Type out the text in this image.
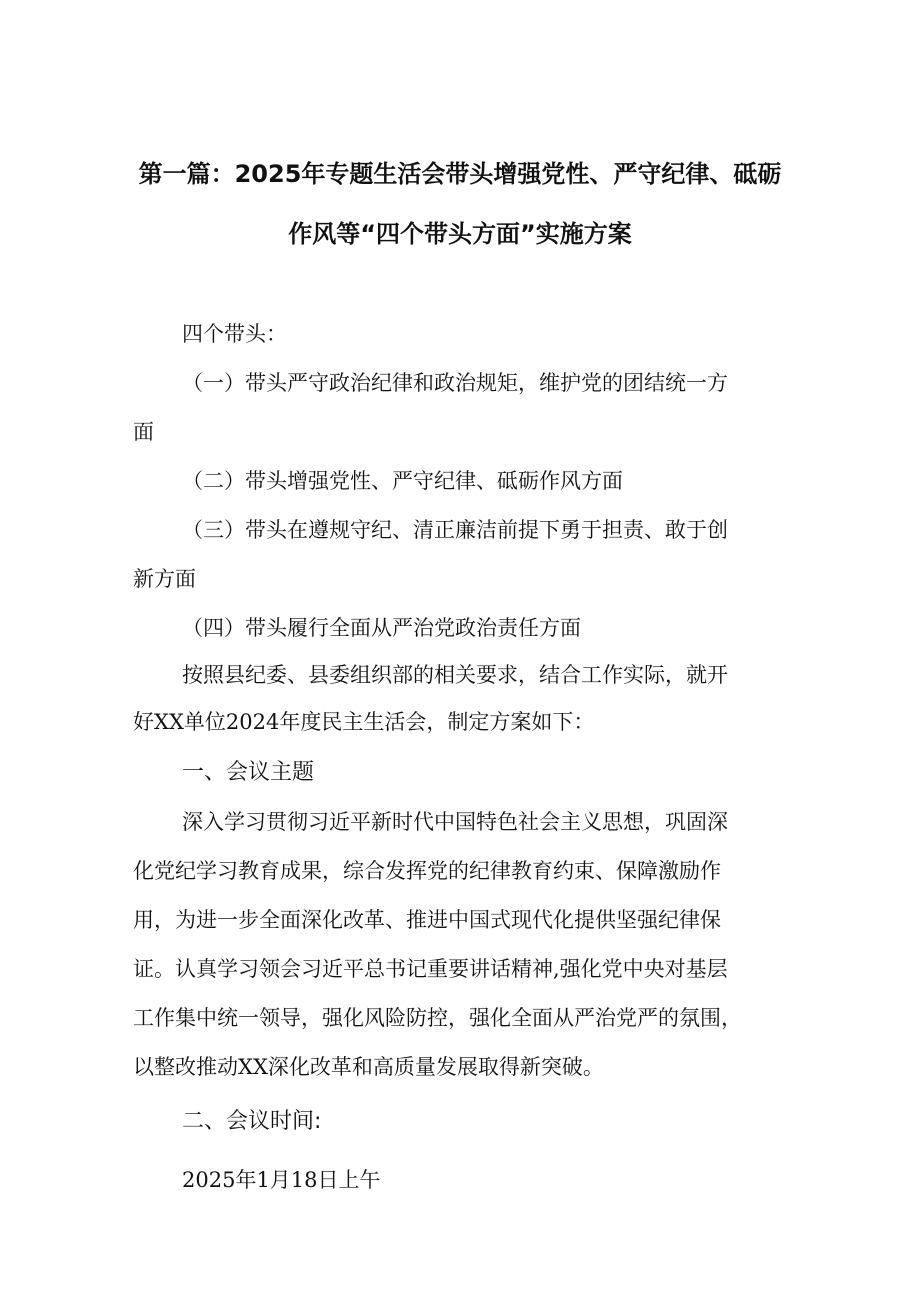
第一篇：2025年专题生活会带头增强党性、严守纪律、砥砺
作风等“四个带头方面”实施方案
四个带头：
（一）带头严守政治纪律和政治规矩，维护党的团结统一方
面
（二）带头增强党性、严守纪律、砥砺作风方面
（三）带头在遵规守纪、清正廉洁前提下勇于担责、敢于创
新方面
（四）带头履行全面从严治党政治责任方面
按照县纪委、县委组织部的相关要求，结合工作实际，就开
好XX单位2024年度民主生活会，制定方案如下：
一、会议主题
深入学习贯彻习近平新时代中国特色社会主义思想，巩固深
化党纪学习教育成果，综合发挥党的纪律教育约束、保障激励作
用，为进一步全面深化改革、推进中国式现代化提供坚强纪律保
证。认真学习领会习近平总书记重要讲话精神,强化党中央对基层
工作集中统一领导，强化风险防控，强化全面从严治党严的氛围，
以整改推动XX深化改革和高质量发展取得新突破。
二、会议时间:
2025年1月18日上午
